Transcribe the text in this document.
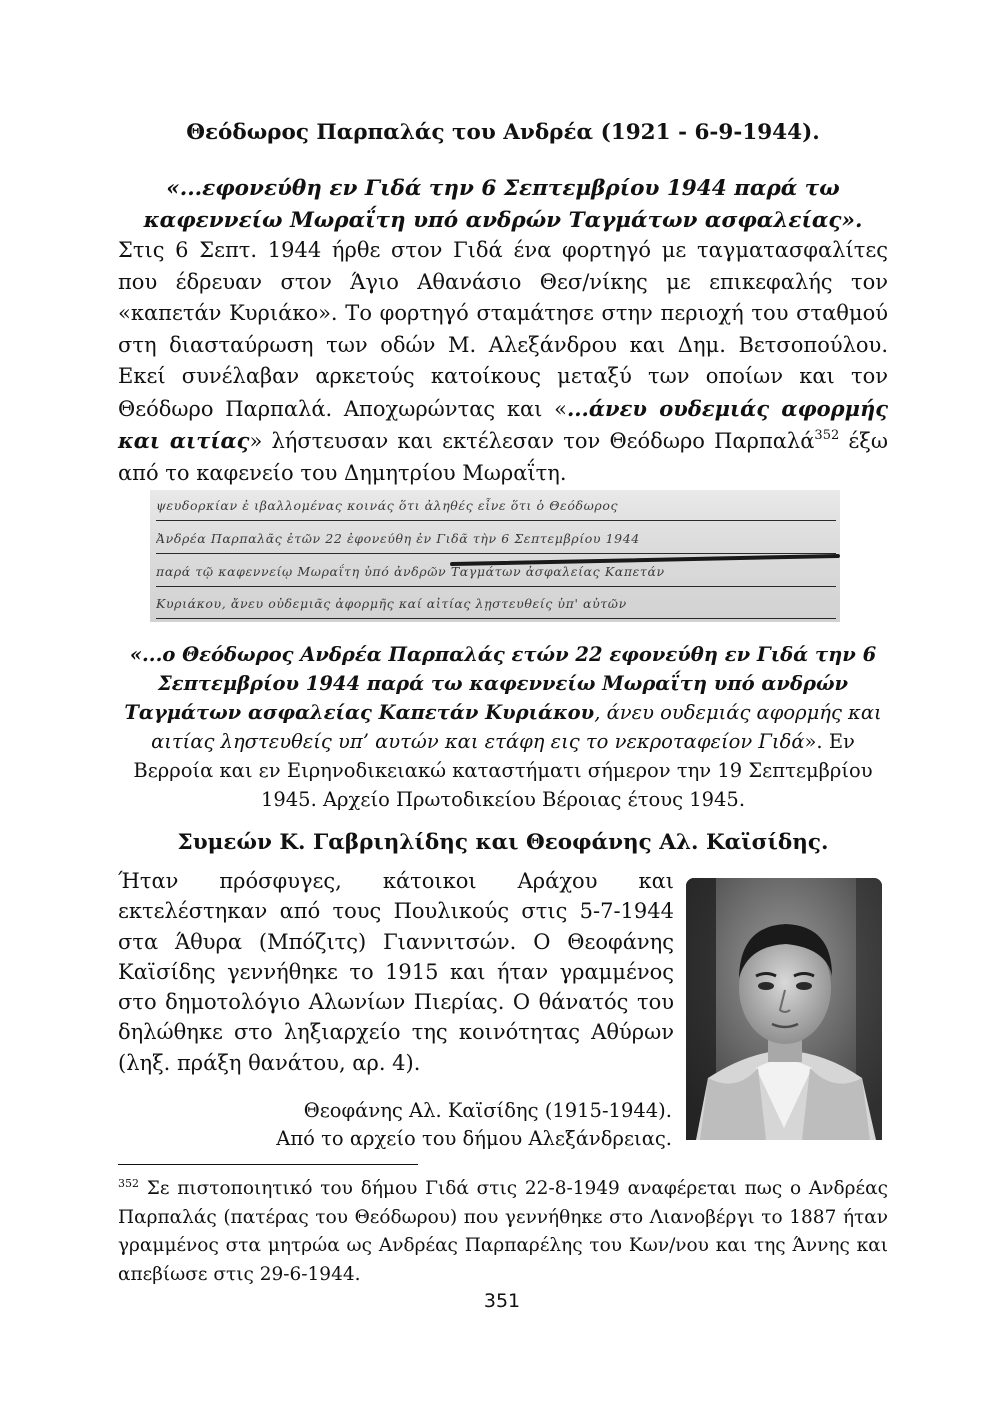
Θεόδωρος Παρπαλάς του Ανδρέα (1921 - 6-9-1944).
«...εφονεύθη εν Γιδά την 6 Σεπτεμβρίου 1944 παρά τω καφεννείω Μωραΐτη υπό ανδρών Ταγμάτων ασφαλείας».
Στις 6 Σεπτ. 1944 ήρθε στον Γιδά ένα φορτηγό με ταγματασφαλίτες που έδρευαν στον Άγιο Αθανάσιο Θεσ/νίκης με επικεφαλής τον «καπετάν Κυριάκο». Το φορτηγό σταμάτησε στην περιοχή του σταθμού στη διασταύρωση των οδών Μ. Αλεξάνδρου και Δημ. Βετσοπούλου. Εκεί συνέλαβαν αρκετούς κατοίκους μεταξύ των οποίων και τον Θεόδωρο Παρπαλά. Αποχωρώντας και «...άνευ ουδεμιάς αφορμής και αιτίας» λήστευσαν και εκτέλεσαν τον Θεόδωρο Παρπαλά$^{352}$ έξω από το καφενείο του Δημητρίου Μωραΐτη.
ψευδορκίαν ἐ ιβαλλομένας κοινάς ὅτι ἀληθές εἶνε ὅτι ὁ Θεόδωρος
Ἀνδρέα Παρπαλᾶς ἐτῶν 22 ἐφονεύθη ἐν Γιδᾶ τὴν 6 Σεπτεμβρίου 1944
παρά τῷ καφεννείῳ Μωραΐτη ὑπό ἀνδρῶν Ταγμάτων ἀσφαλείας Καπετάν
Κυριάκου, ἄνευ οὐδεμιᾶς ἀφορμῆς καί αἰτίας λῃστευθείς ὑπ' αὐτῶν
«...ο Θεόδωρος Ανδρέα Παρπαλάς ετών 22 εφονεύθη εν Γιδά την 6 Σεπτεμβρίου 1944 παρά τω καφεννείω Μωραΐτη υπό ανδρών Ταγμάτων ασφαλείας Καπετάν Κυριάκου, άνευ ουδεμιάς αφορμής και αιτίας ληστευθείς υπ’ αυτών και ετάφη εις το νεκροταφείον Γιδά». Εν Βερροία και εν Ειρηνοδικειακώ καταστήματι σήμερον την 19 Σεπτεμβρίου 1945. Αρχείο Πρωτοδικείου Βέροιας έτους 1945.
Συμεών Κ. Γαβριηλίδης και Θεοφάνης Αλ. Καϊσίδης.
Ήταν πρόσφυγες, κάτοικοι Αράχου και εκτελέστηκαν από τους Πουλικούς στις 5-7-1944 στα Άθυρα (Μπόζιτς) Γιαννιτσών. Ο Θεοφάνης Καϊσίδης γεννήθηκε το 1915 και ήταν γραμμένος στο δημοτολόγιο Αλωνίων Πιερίας. Ο θάνατός του δηλώθηκε στο ληξιαρχείο της κοινότητας Αθύρων (ληξ. πράξη θανάτου, αρ. 4).
Θεοφάνης Αλ. Καϊσίδης (1915-1944).
Από το αρχείο του δήμου Αλεξάνδρειας.
$^{352}$ Σε πιστοποιητικό του δήμου Γιδά στις 22-8-1949 αναφέρεται πως ο Ανδρέας Παρπαλάς (πατέρας του Θεόδωρου) που γεννήθηκε στο Λιανοβέργι το 1887 ήταν γραμμένος στα μητρώα ως Ανδρέας Παρπαρέλης του Κων/νου και της Άννης και απεβίωσε στις 29-6-1944.
351
